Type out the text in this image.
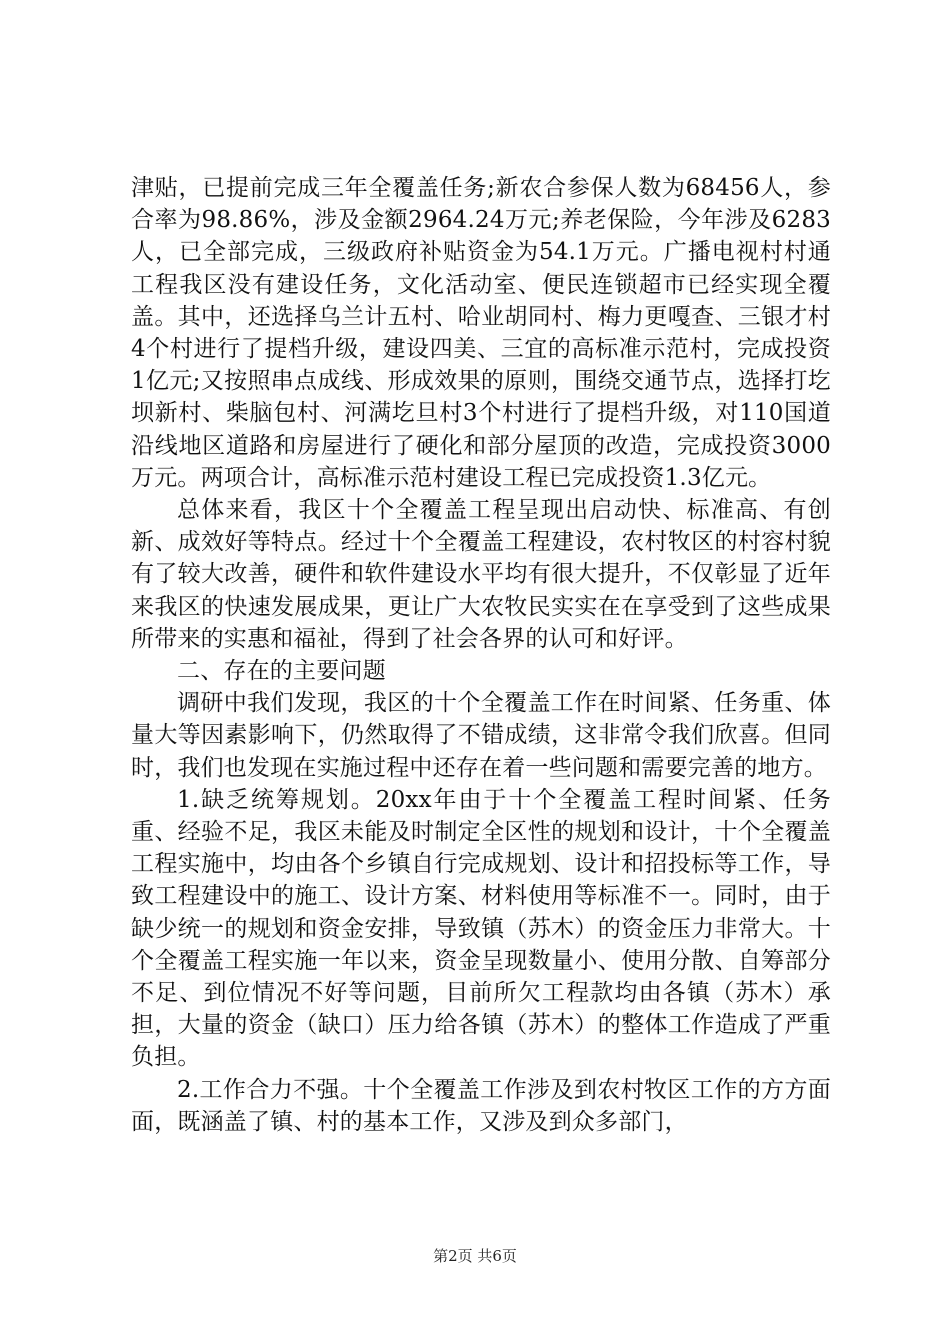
津贴，已提前完成三年全覆盖任务;新农合参保人数为68456人，参合率为98.86%，涉及金额2964.24万元;养老保险，今年涉及6283人，已全部完成，三级政府补贴资金为54.1万元。广播电视村村通工程我区没有建设任务，文化活动室、便民连锁超市已经实现全覆盖。其中，还选择乌兰计五村、哈业胡同村、梅力更嘎查、三银才村4个村进行了提档升级，建设四美、三宜的高标准示范村，完成投资1亿元;又按照串点成线、形成效果的原则，围绕交通节点，选择打圪坝新村、柴脑包村、河满圪旦村3个村进行了提档升级，对110国道沿线地区道路和房屋进行了硬化和部分屋顶的改造，完成投资3000万元。两项合计，高标准示范村建设工程已完成投资1.3亿元。

总体来看，我区十个全覆盖工程呈现出启动快、标准高、有创新、成效好等特点。经过十个全覆盖工程建设，农村牧区的村容村貌有了较大改善，硬件和软件建设水平均有很大提升，不仅彰显了近年来我区的快速发展成果，更让广大农牧民实实在在享受到了这些成果所带来的实惠和福祉，得到了社会各界的认可和好评。

二、存在的主要问题

调研中我们发现，我区的十个全覆盖工作在时间紧、任务重、体量大等因素影响下，仍然取得了不错成绩，这非常令我们欣喜。但同时，我们也发现在实施过程中还存在着一些问题和需要完善的地方。

1.缺乏统筹规划。20xx年由于十个全覆盖工程时间紧、任务重、经验不足，我区未能及时制定全区性的规划和设计，十个全覆盖工程实施中，均由各个乡镇自行完成规划、设计和招投标等工作，导致工程建设中的施工、设计方案、材料使用等标准不一。同时，由于缺少统一的规划和资金安排，导致镇（苏木）的资金压力非常大。十个全覆盖工程实施一年以来，资金呈现数量小、使用分散、自筹部分不足、到位情况不好等问题，目前所欠工程款均由各镇（苏木）承担，大量的资金（缺口）压力给各镇（苏木）的整体工作造成了严重负担。

2.工作合力不强。十个全覆盖工作涉及到农村牧区工作的方方面面，既涵盖了镇、村的基本工作，又涉及到众多部门，

第2页 共6页
